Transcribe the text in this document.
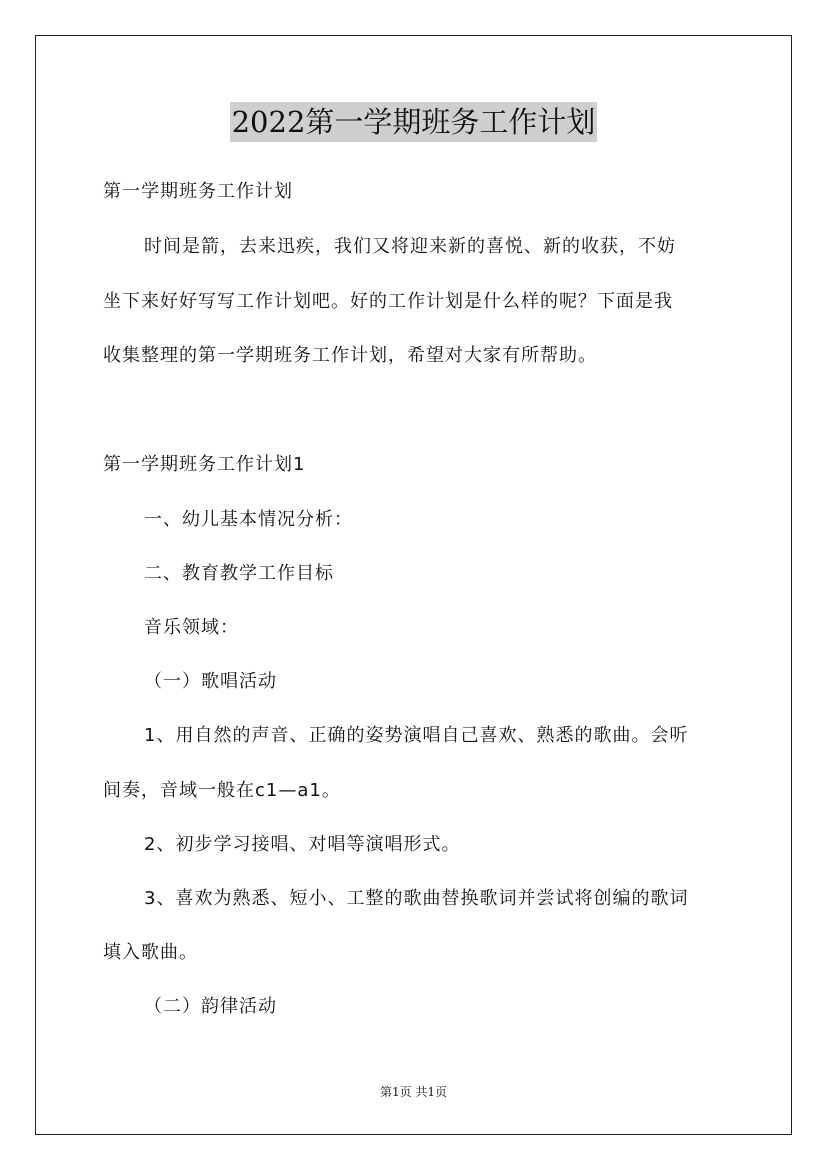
2022第一学期班务工作计划
第一学期班务工作计划
时间是箭，去来迅疾，我们又将迎来新的喜悦、新的收获，不妨
坐下来好好写写工作计划吧。好的工作计划是什么样的呢？下面是我
收集整理的第一学期班务工作计划，希望对大家有所帮助。
第一学期班务工作计划1
一、幼儿基本情况分析：
二、教育教学工作目标
音乐领域：
（一）歌唱活动
1、用自然的声音、正确的姿势演唱自己喜欢、熟悉的歌曲。会听
间奏，音域一般在c1—a1。
2、初步学习接唱、对唱等演唱形式。
3、喜欢为熟悉、短小、工整的歌曲替换歌词并尝试将创编的歌词
填入歌曲。
（二）韵律活动
第1页 共1页
